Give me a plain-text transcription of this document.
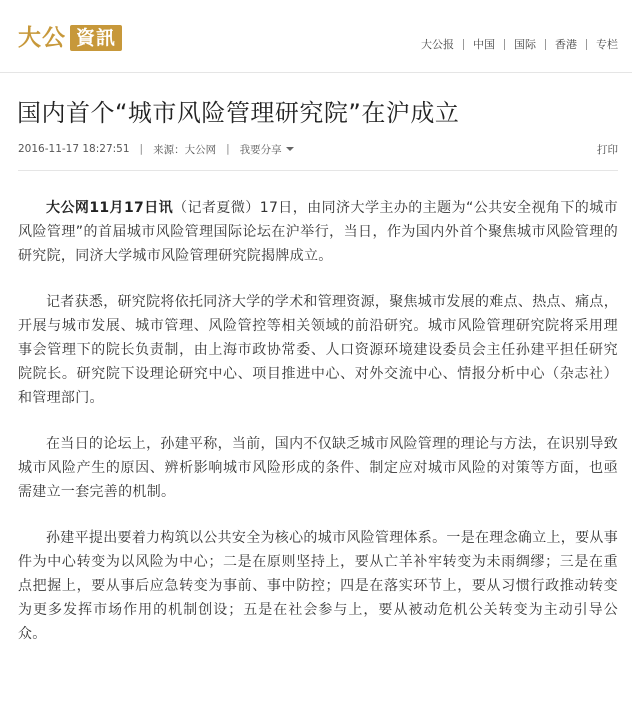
大公 資訊	大公报	中国	国际	香港	专栏
国内首个“城市风险管理研究院”在沪成立
2016-11-17 18:27:51 | 来源：大公网 | 我要分享	打印

大公网11月17日讯（记者夏微）17日，由同济大学主办的主题为“公共安全视角下的城市风险管理”的首届城市风险管理国际论坛在沪举行，当日，作为国内外首个聚焦城市风险管理的研究院，同济大学城市风险管理研究院揭牌成立。

记者获悉，研究院将依托同济大学的学术和管理资源，聚焦城市发展的难点、热点、痛点，开展与城市发展、城市管理、风险管控等相关领域的前沿研究。城市风险管理研究院将采用理事会管理下的院长负责制，由上海市政协常委、人口资源环境建设委员会主任孙建平担任研究院院长。研究院下设理论研究中心、项目推进中心、对外交流中心、情报分析中心（杂志社）和管理部门。

在当日的论坛上，孙建平称，当前，国内不仅缺乏城市风险管理的理论与方法，在识别导致城市风险产生的原因、辨析影响城市风险形成的条件、制定应对城市风险的对策等方面，也亟需建立一套完善的机制。

孙建平提出要着力构筑以公共安全为核心的城市风险管理体系。一是在理念确立上，要从事件为中心转变为以风险为中心；二是在原则坚持上，要从亡羊补牢转变为未雨绸缪；三是在重点把握上，要从事后应急转变为事前、事中防控；四是在落实环节上，要从习惯行政推动转变为更多发挥市场作用的机制创设；五是在社会参与上，要从被动危机公关转变为主动引导公众。
